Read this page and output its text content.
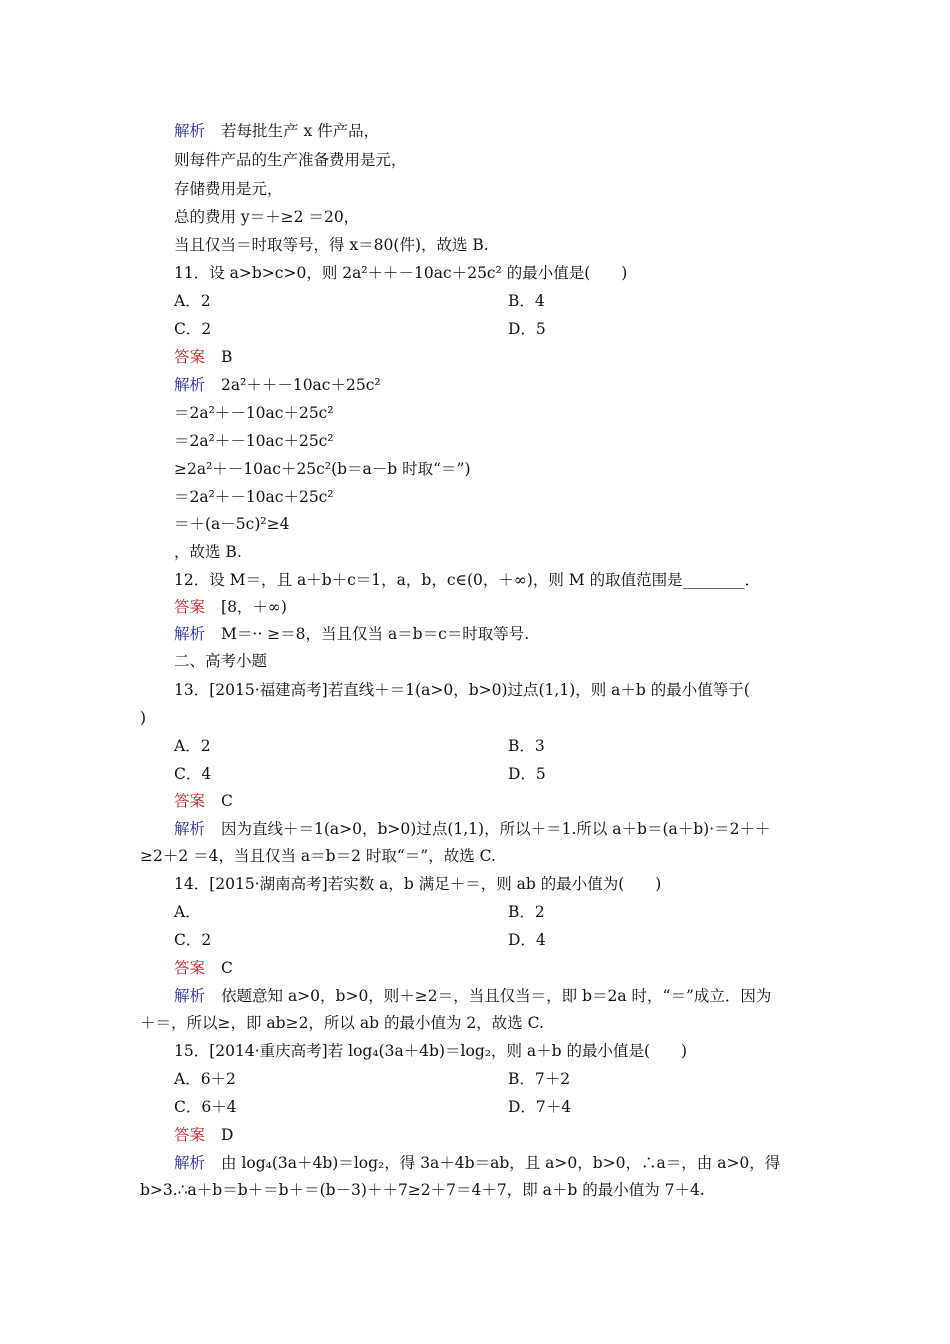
解析 若每批生产 x 件产品，
则每件产品的生产准备费用是元，
存储费用是元，
总的费用 y＝＋≥2 ＝20，
当且仅当＝时取等号，得 x＝80(件)，故选 B.
11．设 a>b>c>0，则 2a²＋＋－10ac＋25c² 的最小值是(　　)
A．2	B．4
C．2	D．5
答案 B
解析 2a²＋＋－10ac＋25c²
＝2a²＋－10ac＋25c²
＝2a²＋－10ac＋25c²
≥2a²＋－10ac＋25c²(b＝a－b 时取“＝”)
＝2a²＋－10ac＋25c²
＝＋(a－5c)²≥4
，故选 B.
12．设 M＝，且 a＋b＋c＝1，a，b，c∈(0，＋∞)，则 M 的取值范围是________．
答案 [8，＋∞)
解析 M＝·· ≥＝8，当且仅当 a＝b＝c＝时取等号.
二、高考小题
13．[2015·福建高考]若直线＋＝1(a>0，b>0)过点(1,1)，则 a＋b 的最小值等于(
)
A．2	B．3
C．4	D．5
答案 C
解析 因为直线＋＝1(a>0，b>0)过点(1,1)，所以＋＝1.所以 a＋b＝(a＋b)·＝2＋＋
≥2＋2 ＝4，当且仅当 a＝b＝2 时取“＝”，故选 C.
14．[2015·湖南高考]若实数 a，b 满足＋＝，则 ab 的最小值为(　　)
A．	B．2
C．2	D．4
答案 C
解析 依题意知 a>0，b>0，则＋≥2＝，当且仅当＝，即 b＝2a 时，“＝”成立．因为
＋＝，所以≥，即 ab≥2，所以 ab 的最小值为 2，故选 C.
15．[2014·重庆高考]若 log₄(3a＋4b)＝log₂，则 a＋b 的最小值是(　　)
A．6＋2	B．7＋2
C．6＋4	D．7＋4
答案 D
解析 由 log₄(3a＋4b)＝log₂，得 3a＋4b＝ab，且 a>0，b>0，∴a＝，由 a>0，得
b>3.∴a＋b＝b＋＝b＋＝(b－3)＋＋7≥2＋7＝4＋7，即 a＋b 的最小值为 7＋4.
